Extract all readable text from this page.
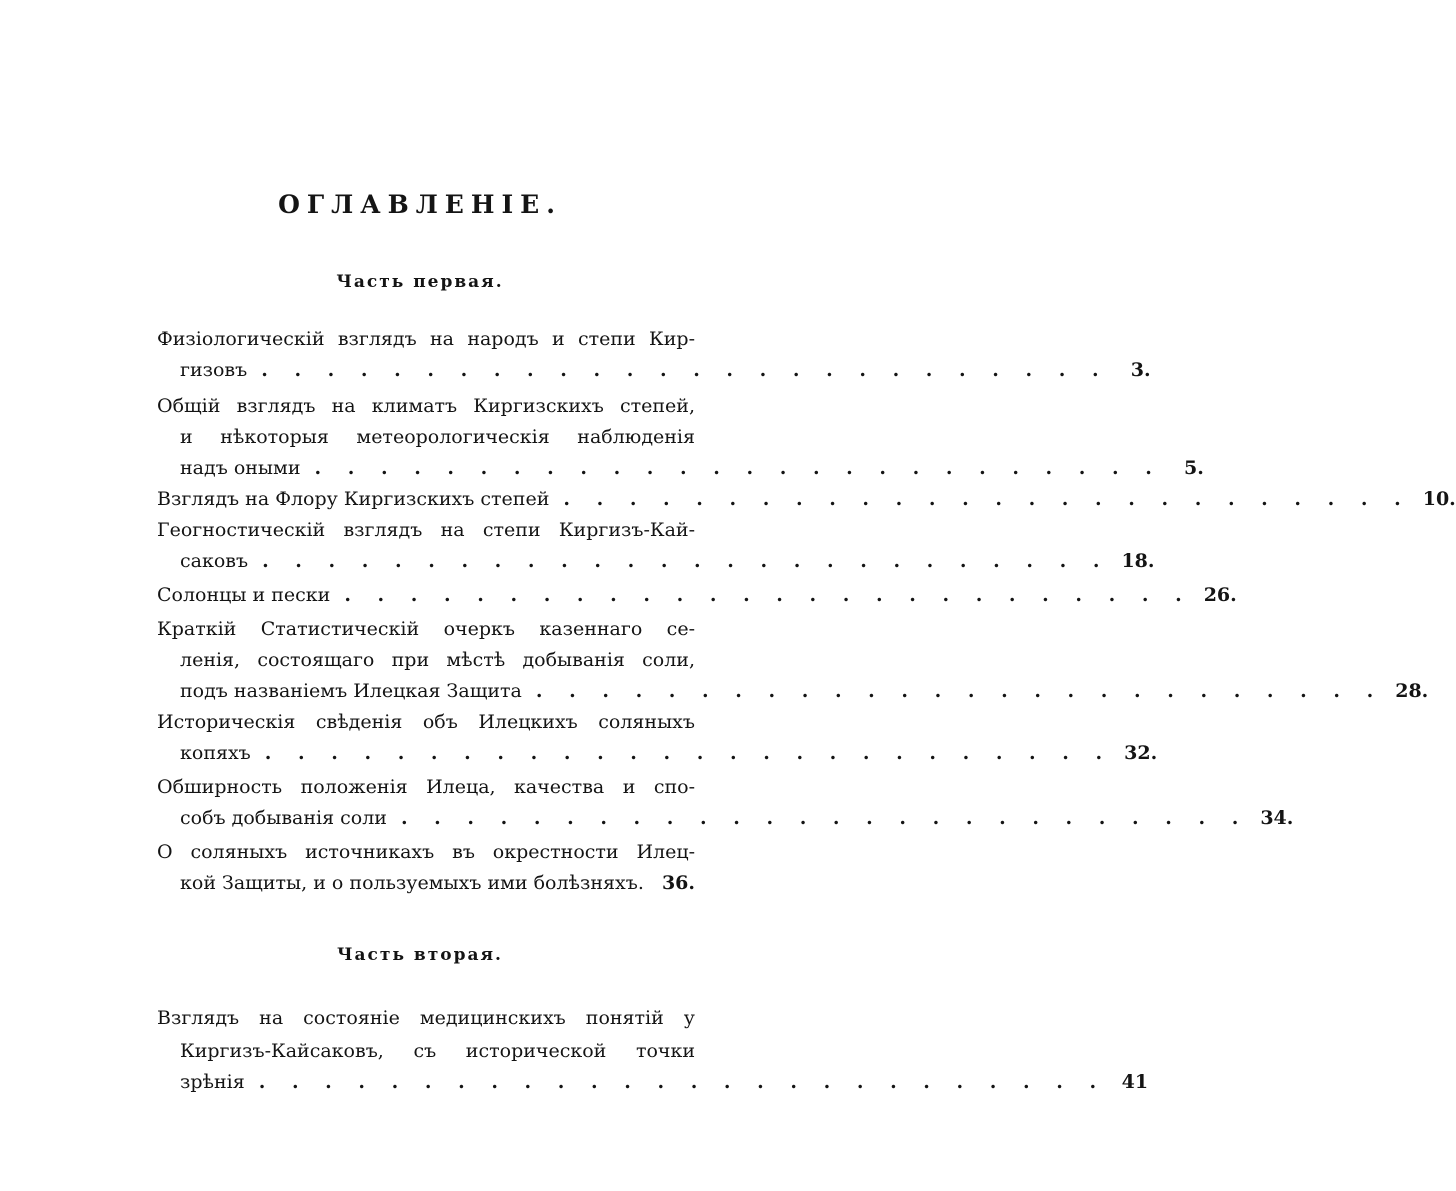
ОГЛАВЛЕНІЕ.
Часть первая.
Физіологическій взглядъ на народъ и степи Кир-
гизовъ . . . . . . . . . . . . . . . . . . . . . . . . . .	3.
Общій взглядъ на климатъ Киргизскихъ степей,
и нѣкоторыя метеорологическія наблюденія
надъ оными . . . . . . . . . . . . . . . . . . . . . . . . . .	5.
Взглядъ на Флору Киргизскихъ степей . . . . . . . . . . . . . . . . . . . . . . . . . . 10.
Геогностическій взглядъ на степи Киргизъ-Кай-
саковъ . . . . . . . . . . . . . . . . . . . . . . . . . . 18.
Солонцы и пески . . . . . . . . . . . . . . . . . . . . . . . . . . 26.
Краткій Статистическій очеркъ казеннаго се-
ленія, состоящаго при мѣстѣ добыванія соли,
подъ названіемъ Илецкая Защита . . . . . . . . . . . . . . . . . . . . . . . . . . 28.
Историческія свѣденія объ Илецкихъ соляныхъ
копяхъ . . . . . . . . . . . . . . . . . . . . . . . . . . 32.
Обширность положенія Илеца, качества и спо-
собъ добыванія соли . . . . . . . . . . . . . . . . . . . . . . . . . . 34.
О соляныхъ источникахъ въ окрестности Илец-
кой Защиты, и о пользуемыхъ ими болѣзняхъ. 36.
Часть вторая.
Взглядъ на состояніе медицинскихъ понятій у
Киргизъ-Кайсаковъ, съ исторической точки
зрѣнія . . . . . . . . . . . . . . . . . . . . . . . . . . 41
